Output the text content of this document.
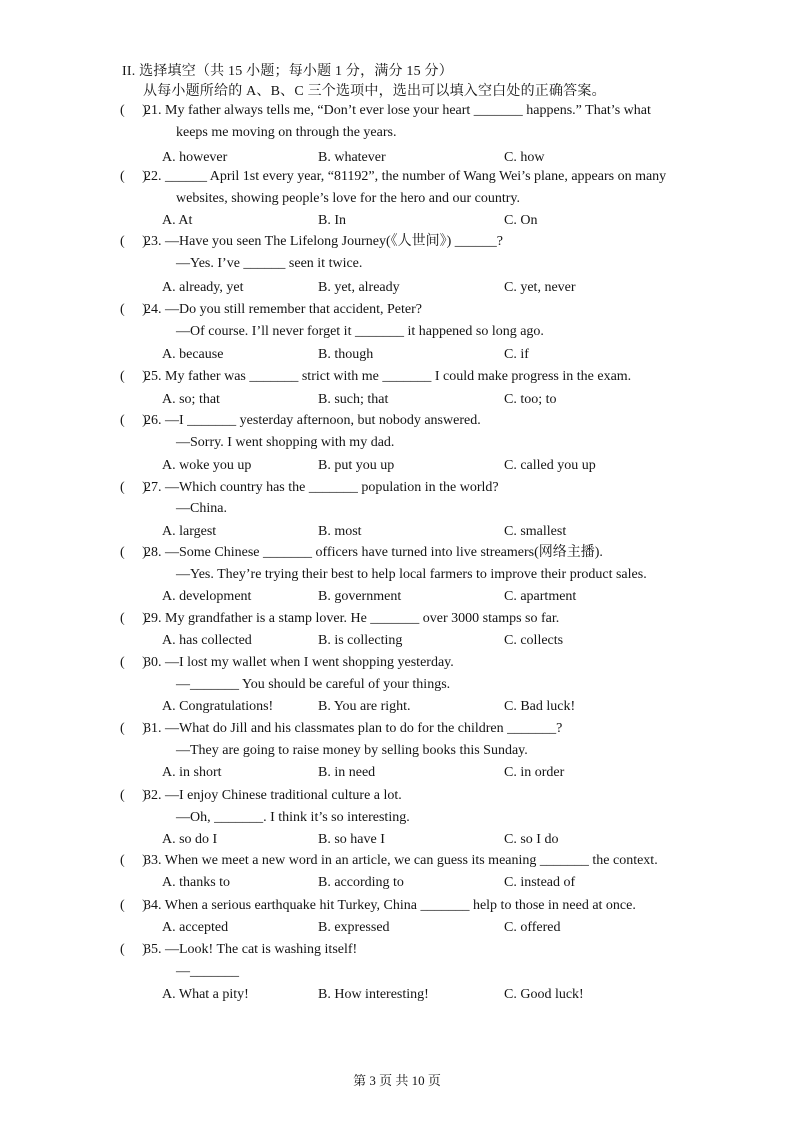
II. 选择填空（共 15 小题；每小题 1 分，满分 15 分）
从每小题所给的 A、B、C 三个选项中，选出可以填入空白处的正确答案。
(　 )
21. My father always tells me, “Don’t ever lose your heart _______ happens.” That’s what
keeps me moving on through the years.
A. however	B. whatever	C. how
(　 )
22. ______ April 1st every year, “81192”, the number of Wang Wei’s plane, appears on many
websites, showing people’s love for the hero and our country.
A. At	B. In	C. On
(　 )
23. —Have you seen The Lifelong Journey(《人世间》) ______?
—Yes. I’ve ______ seen it twice.
A. already, yet	B. yet, already	C. yet, never
(　 )
24. —Do you still remember that accident, Peter?
—Of course. I’ll never forget it _______ it happened so long ago.
A. because	B. though	C. if
(　 )
25. My father was _______ strict with me _______ I could make progress in the exam.
A. so; that	B. such; that	C. too; to
(　 )
26. —I _______ yesterday afternoon, but nobody answered.
—Sorry. I went shopping with my dad.
A. woke you up	B. put you up	C. called you up
(　 )
27. —Which country has the _______ population in the world?
—China.
A. largest	B. most	C. smallest
(　 )
28. —Some Chinese _______ officers have turned into live streamers(网络主播).
—Yes. They’re trying their best to help local farmers to improve their product sales.
A. development	B. government	C. apartment
(　 )
29. My grandfather is a stamp lover. He _______ over 3000 stamps so far.
A. has collected	B. is collecting	C. collects
(　 )
30. —I lost my wallet when I went shopping yesterday.
—_______ You should be careful of your things.
A. Congratulations!	B. You are right.	C. Bad luck!
(　 )
31. —What do Jill and his classmates plan to do for the children _______?
—They are going to raise money by selling books this Sunday.
A. in short	B. in need	C. in order
(　 )
32. —I enjoy Chinese traditional culture a lot.
—Oh, _______. I think it’s so interesting.
A. so do I	B. so have I	C. so I do
(　 )
33. When we meet a new word in an article, we can guess its meaning _______ the context.
A. thanks to	B. according to	C. instead of
(　 )
34. When a serious earthquake hit Turkey, China _______ help to those in need at once.
A. accepted	B. expressed	C. offered
(　 )
35. —Look! The cat is washing itself!
—_______
A. What a pity!	B. How interesting!	C. Good luck!
第 3 页 共 10 页
